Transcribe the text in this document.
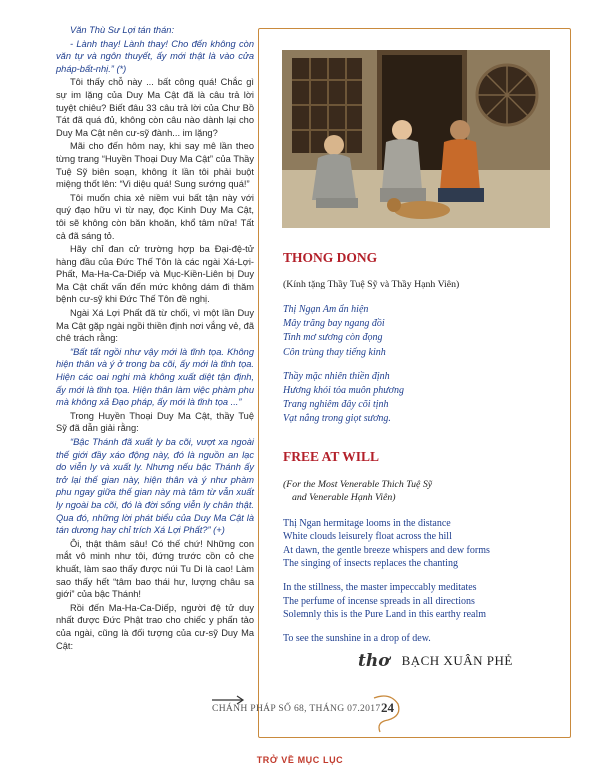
Văn Thù Sư Lợi tán thán:

- Lành thay! Lành thay! Cho đến không còn văn tự và ngôn thuyết, ấy mới thật là vào cửa pháp-bất-nhị.” (*)

Tôi thấy chỗ này ... bất công quá! Chắc gì sự im lặng của Duy Ma Cật đã là câu trả lời tuyệt chiêu? Biết đâu 33 câu trả lời của Chư Bồ Tát đã quá đủ, không còn câu nào dành lại cho Duy Ma Cật nên cư-sỹ đành... im lặng?

Mãi cho đến hôm nay, khi say mê lần theo từng trang “Huyền Thoại Duy Ma Cật” của Thầy Tuệ Sỹ biên soạn, không ít lần tôi phải buột miệng thốt lên: “Vi diệu quá! Sung sướng quá!”

Tôi muốn chia xẻ niềm vui bất tận này với quý đạo hữu vì từ nay, đọc Kinh Duy Ma Cật, tôi sẽ không còn băn khoăn, khổ tâm nữa! Tất cả đã sáng tỏ.

Hãy chỉ đan cử trường hợp ba Đại-đệ-tử hàng đầu của Đức Thế Tôn là các ngài Xá-Lợi-Phất, Ma-Ha-Ca-Diếp và Mục-Kiền-Liên bị Duy Ma Cật chất vấn đến mức không dám đi thăm bệnh cư-sỹ khi Đức Thế Tôn đề nghị.

Ngài Xá Lợi Phất đã từ chối, vì một lần Duy Ma Cật gặp ngài ngồi thiền định nơi vắng vẻ, đã chê trách rằng:

“Bất tất ngồi như vậy mới là tĩnh tọa. Không hiện thân và ý ở trong ba cõi, ấy mới là tĩnh tọa. Hiện các oai nghi mà không xuất diệt tận định, ấy mới là tĩnh tọa. Hiện thân làm việc phàm phu mà không xả Đạo pháp, ấy mới là tĩnh tọa ...”

Trong Huyền Thoại Duy Ma Cật, thầy Tuệ Sỹ đã dẫn giải rằng:

“Bậc Thánh đã xuất ly ba cõi, vượt xa ngoài thế giới đầy xáo động này, đó là nguồn an lạc do viễn ly và xuất ly. Nhưng nếu bậc Thánh ấy trở lại thế gian này, hiện thân và ý như phàm phu ngay giữa thế gian này mà tâm từ vẫn xuất ly ngoài ba cõi, đó là đời sống viễn ly chân thật. Qua đó, những lời phát biểu của Duy Ma Cật là tán dương hay chỉ trích Xá Lợi Phất?” (+)

Ôi, thật thâm sâu! Có thế chứ! Những con mắt vô minh như tôi, đứng trước cồn cỏ che khuất, làm sao thấy được núi Tu Di là cao! Làm sao thấy hết “tâm bao thái hư, lượng châu sa giới” của bậc Thánh!

Rồi đến Ma-Ha-Ca-Diếp, người đệ tử duy nhất được Đức Phật trao cho chiếc y phấn tảo của ngài, cũng là đối tượng của cư-sỹ Duy Ma Cật:

THONG DONG
(Kính tặng Thầy Tuệ Sỹ và Thầy Hạnh Viên)
Thị Ngạn Am ẩn hiện
Mây trăng bay ngang đồi
Tinh mơ sương còn đọng
Côn trùng thay tiếng kinh
Thầy mặc nhiên thiền định
Hương khói tỏa muôn phương
Trang nghiêm đây cõi tịnh
Vạt nắng trong giọt sương.
FREE AT WILL
(For the Most Venerable Thich Tuệ Sỹ
and Venerable Hạnh Viên)
Thị Ngan hermitage looms in the distance
White clouds leisurely float across the hill
At dawn, the gentle breeze whispers and dew forms
The singing of insects replaces the chanting
In the stillness, the master impeccably meditates
The perfume of incense spreads in all directions
Solemnly this is the Pure Land in this earthy realm
To see the sunshine in a drop of dew.
thơ BẠCH XUÂN PHẺ
CHÁNH PHÁP SỐ 68, THÁNG 07.2017 24
TRỞ VỀ MỤC LỤC
